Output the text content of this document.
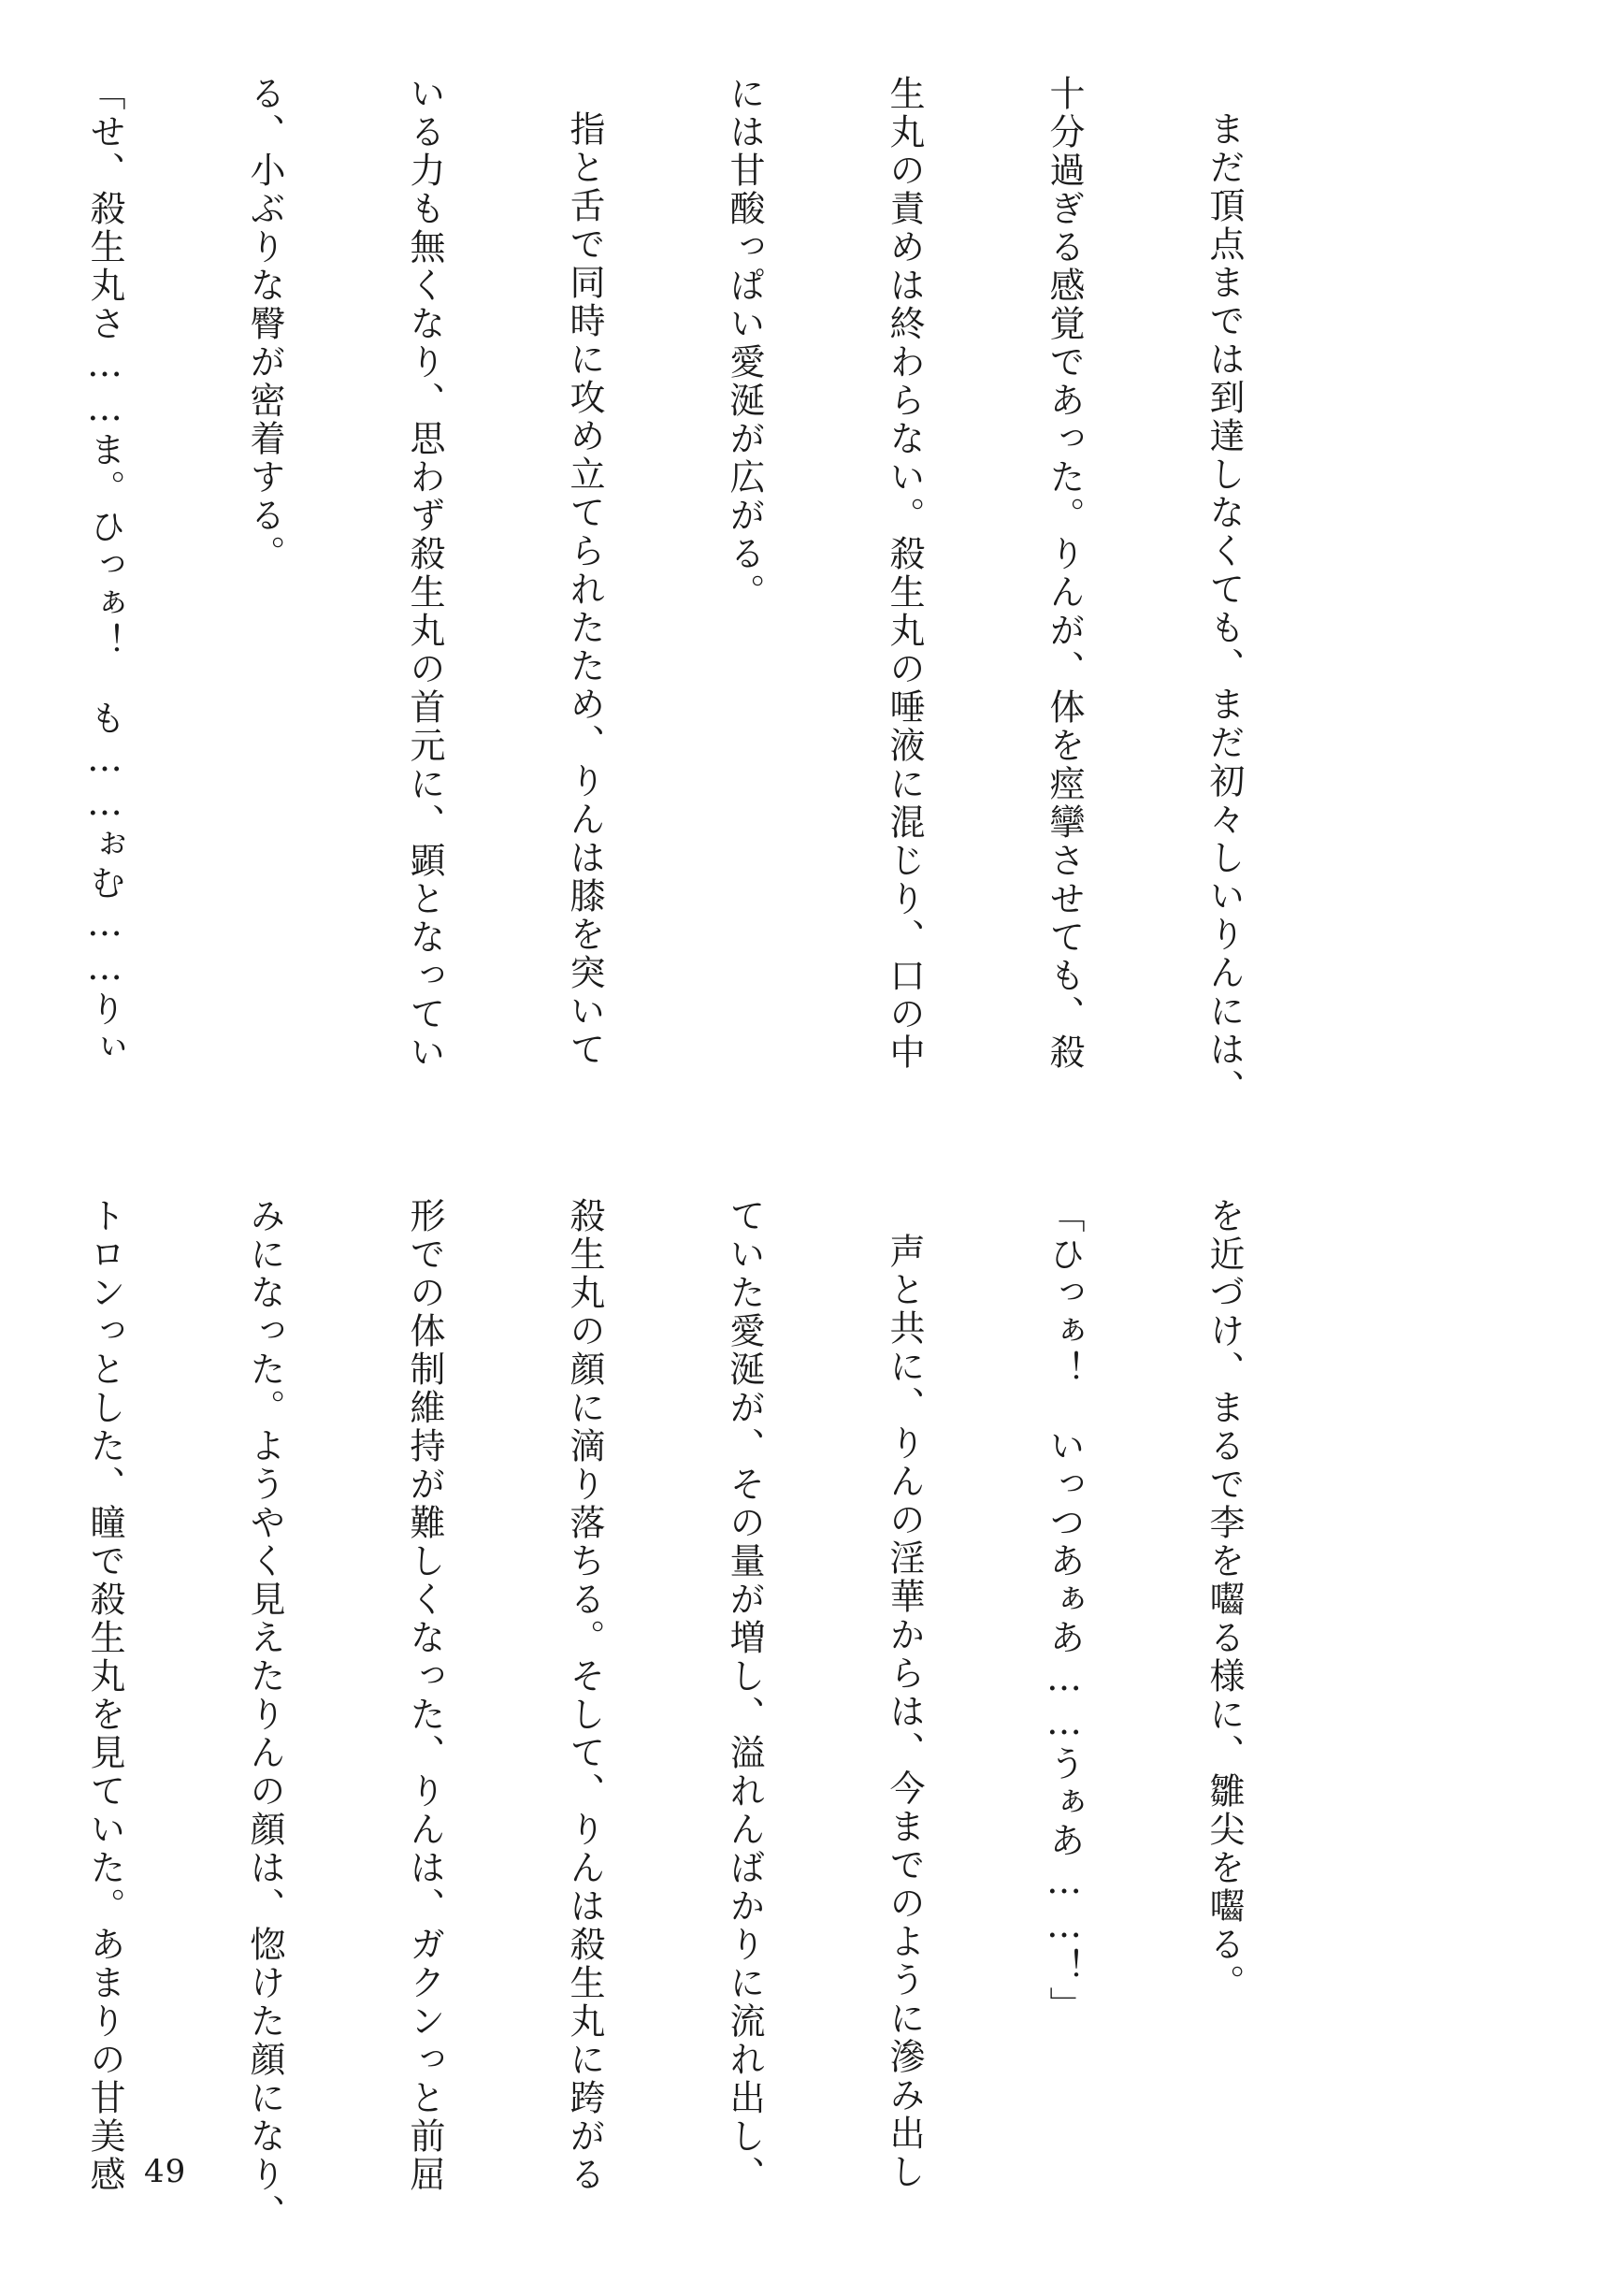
まだ頂点までは到達しなくても、まだ初々しいりんには、

十分過ぎる感覚であった。りんが、体を痙攣させても、殺

生丸の責めは終わらない。殺生丸の唾液に混じり、口の中

には甘酸っぱい愛涎が広がる。

指と舌で同時に攻め立てられたため、りんは膝を突いて

いる力も無くなり、思わず殺生丸の首元に、顕となってい

る、小ぶりな臀が密着する。

「せ、殺生丸さ……ま。ひっぁ！　も……ぉむ……りぃ

を近づけ、まるで李を囓る様に、雛尖を囓る。

「ひっぁ！　いっつあぁあ……うぁあ……！」

声と共に、りんの淫華からは、今までのように滲み出し

ていた愛涎が、その量が増し、溢れんばかりに流れ出し、

殺生丸の顔に滴り落ちる。そして、りんは殺生丸に跨がる

形での体制維持が難しくなった、りんは、ガクンっと前屈

みになった。ようやく見えたりんの顔は、惚けた顔になり、

トロンっとした、瞳で殺生丸を見ていた。あまりの甘美感

49
